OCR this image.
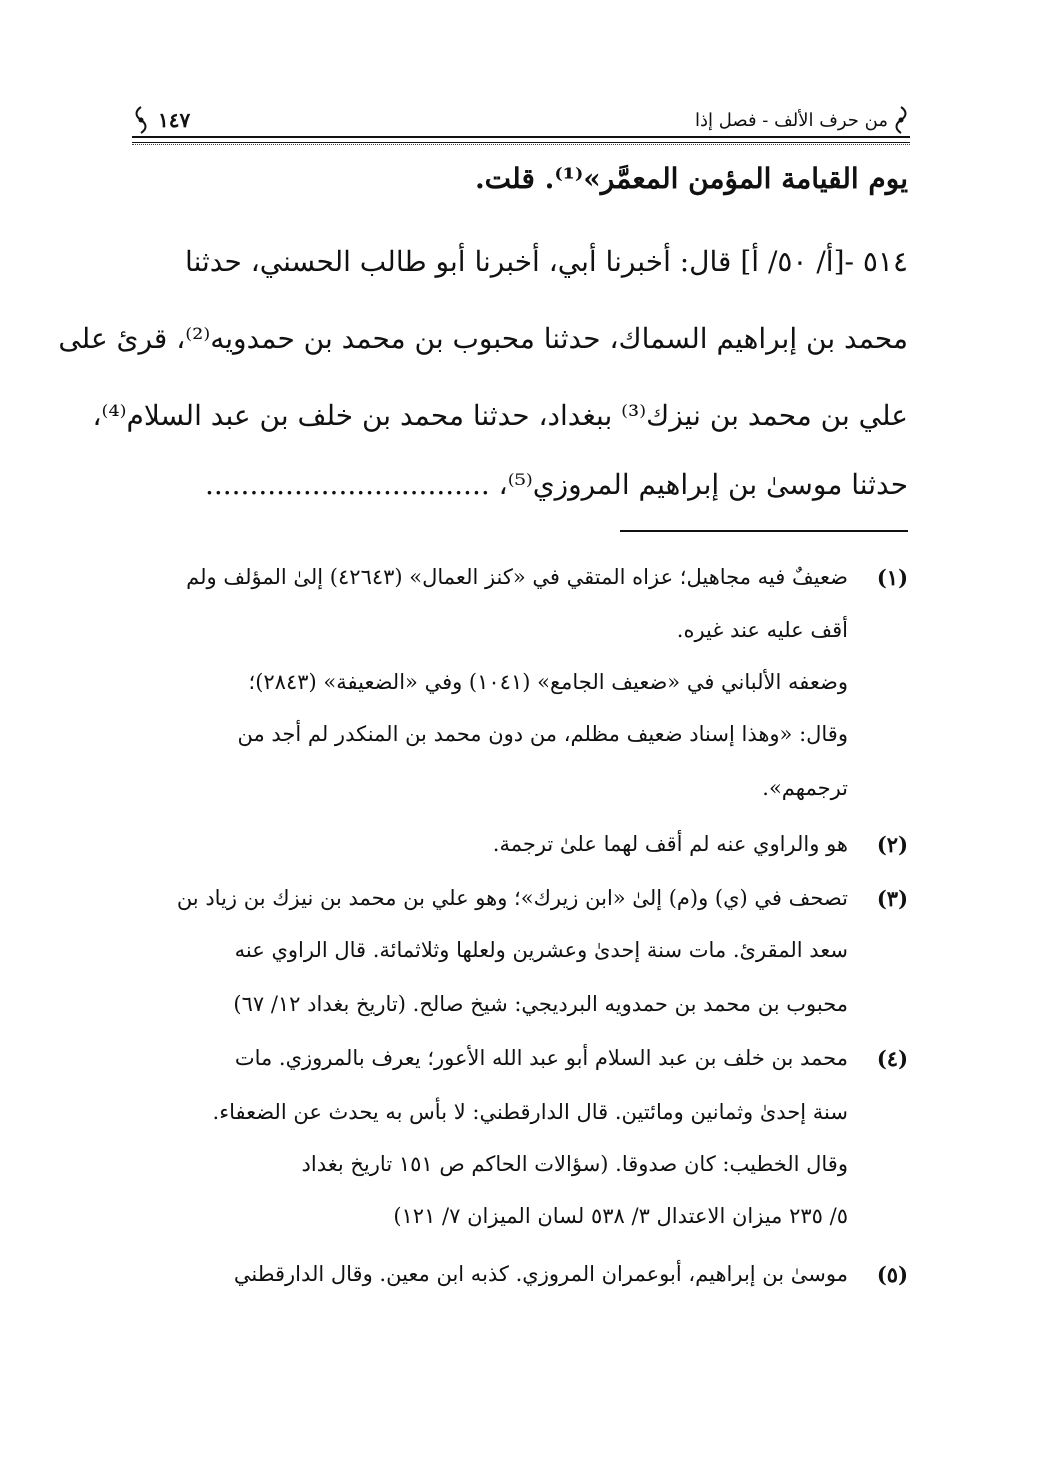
من حرف الألف - فصل إذا
١٤٧
يوم القيامة المؤمن المعمَّر»⁽¹⁾. قلت.
٥١٤ -[أ/ ٥٠/ أ] قال: أخبرنا أبي، أخبرنا أبو طالب الحسني، حدثنا
محمد بن إبراهيم السماك، حدثنا محبوب بن محمد بن حمدويه⁽²⁾، قرئ على
علي بن محمد بن نيزك⁽³⁾ ببغداد، حدثنا محمد بن خلف بن عبد السلام⁽⁴⁾،
حدثنا موسىٰ بن إبراهيم المروزي⁽⁵⁾، ................................
(١)
ضعيفٌ فيه مجاهيل؛ عزاه المتقي في «كنز العمال» (٤٢٦٤٣) إلىٰ المؤلف ولم
أقف عليه عند غيره.
وضعفه الألباني في «ضعيف الجامع» (١٠٤١) وفي «الضعيفة» (٢٨٤٣)؛
وقال: «وهذا إسناد ضعيف مظلم، من دون محمد بن المنكدر لم أجد من
ترجمهم».
(٢)
هو والراوي عنه لم أقف لهما علىٰ ترجمة.
(٣)
تصحف في (ي) و(م) إلىٰ «ابن زيرك»؛ وهو علي بن محمد بن نيزك بن زياد بن
سعد المقرئ. مات سنة إحدىٰ وعشرين ولعلها وثلاثمائة. قال الراوي عنه
محبوب بن محمد بن حمدويه البرديجي: شيخ صالح. (تاريخ بغداد ١٢/ ٦٧)
(٤)
محمد بن خلف بن عبد السلام أبو عبد الله الأعور؛ يعرف بالمروزي. مات
سنة إحدىٰ وثمانين ومائتين. قال الدارقطني: لا بأس به يحدث عن الضعفاء.
وقال الخطيب: كان صدوقا. (سؤالات الحاكم ص ١٥١ تاريخ بغداد
٥/ ٢٣٥ ميزان الاعتدال ٣/ ٥٣٨ لسان الميزان ٧/ ١٢١)
(٥)
موسىٰ بن إبراهيم، أبوعمران المروزي. كذبه ابن معين. وقال الدارقطني
